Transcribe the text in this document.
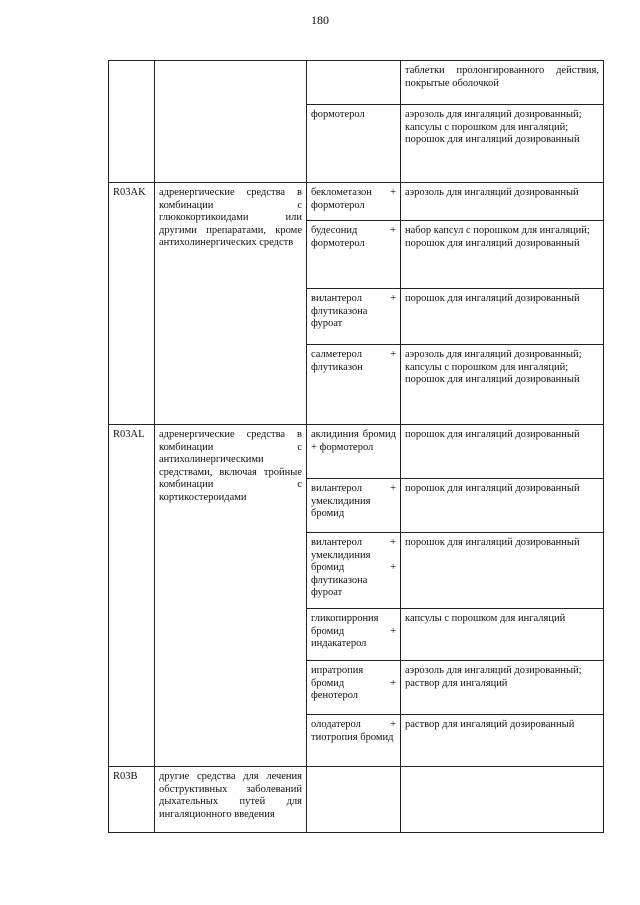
180
			таблетки пролонгированного действия, покрытые оболочкой
		формотерол	аэрозоль для ингаляций дозированный;
капсулы с порошком для ингаляций;
порошок для ингаляций дозированный
R03AK	адренергические средства в комбинации с глюкокортикоидами или другими препаратами, кроме антихолинергических средств	беклометазон + формотерол	аэрозоль для ингаляций дозированный
		будесонид + формотерол	набор капсул с порошком для ингаляций;
порошок для ингаляций дозированный
		вилантерол + флутиказона фуроат	порошок для ингаляций дозированный
		салметерол + флутиказон	аэрозоль для ингаляций дозированный;
капсулы с порошком для ингаляций;
порошок для ингаляций дозированный
R03AL	адренергические средства в комбинации с антихолинергическими средствами, включая тройные комбинации с кортикостероидами	аклидиния бромид + формотерол	порошок для ингаляций дозированный
		вилантерол + умеклидиния бромид	порошок для ингаляций дозированный
		вилантерол + умеклидиния бромид + флутиказона фуроат	порошок для ингаляций дозированный
		гликопиррония бромид + индакатерол	капсулы с порошком для ингаляций
		ипратропия бромид + фенотерол	аэрозоль для ингаляций дозированный;
раствор для ингаляций
		олодатерол + тиотропия бромид	раствор для ингаляций дозированный
R03B	другие средства для лечения обструктивных заболеваний дыхательных путей для ингаляционного введения		
